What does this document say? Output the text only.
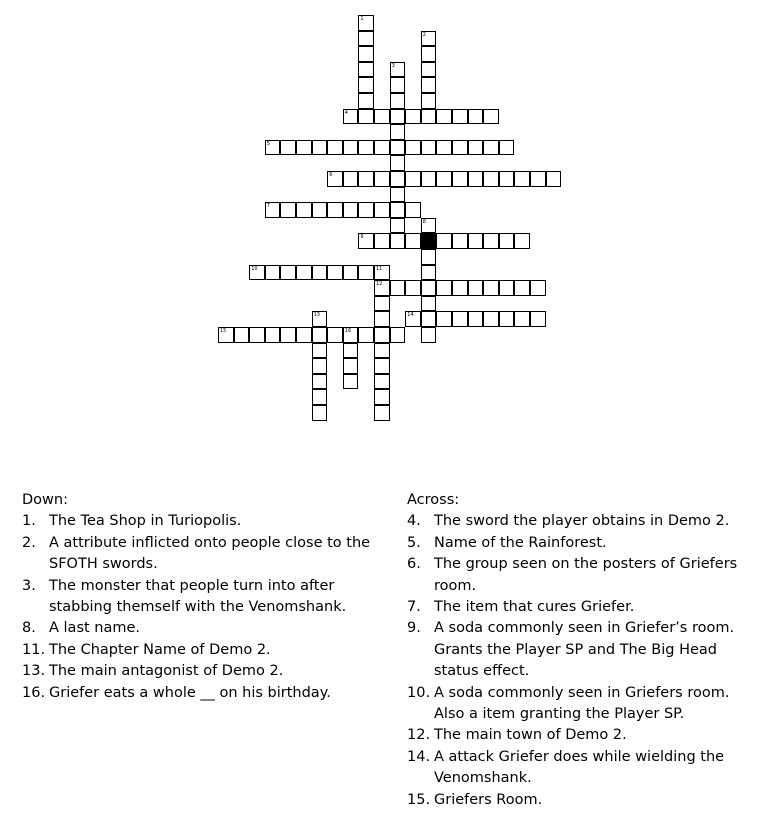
1
2
3
4
5
6
7
8
9
10	11
12
13	14
15	16
Down:
1. The Tea Shop in Turiopolis.
2. A attribute inflicted onto people close to the SFOTH swords.
3. The monster that people turn into after stabbing themself with the Venomshank.
8. A last name.
11. The Chapter Name of Demo 2.
13. The main antagonist of Demo 2.
16. Griefer eats a whole __ on his birthday.
Across:
4. The sword the player obtains in Demo 2.
5. Name of the Rainforest.
6. The group seen on the posters of Griefers room.
7. The item that cures Griefer.
9. A soda commonly seen in Griefer’s room. Grants the Player SP and The Big Head status effect.
10. A soda commonly seen in Griefers room. Also a item granting the Player SP.
12. The main town of Demo 2.
14. A attack Griefer does while wielding the Venomshank.
15. Griefers Room.
